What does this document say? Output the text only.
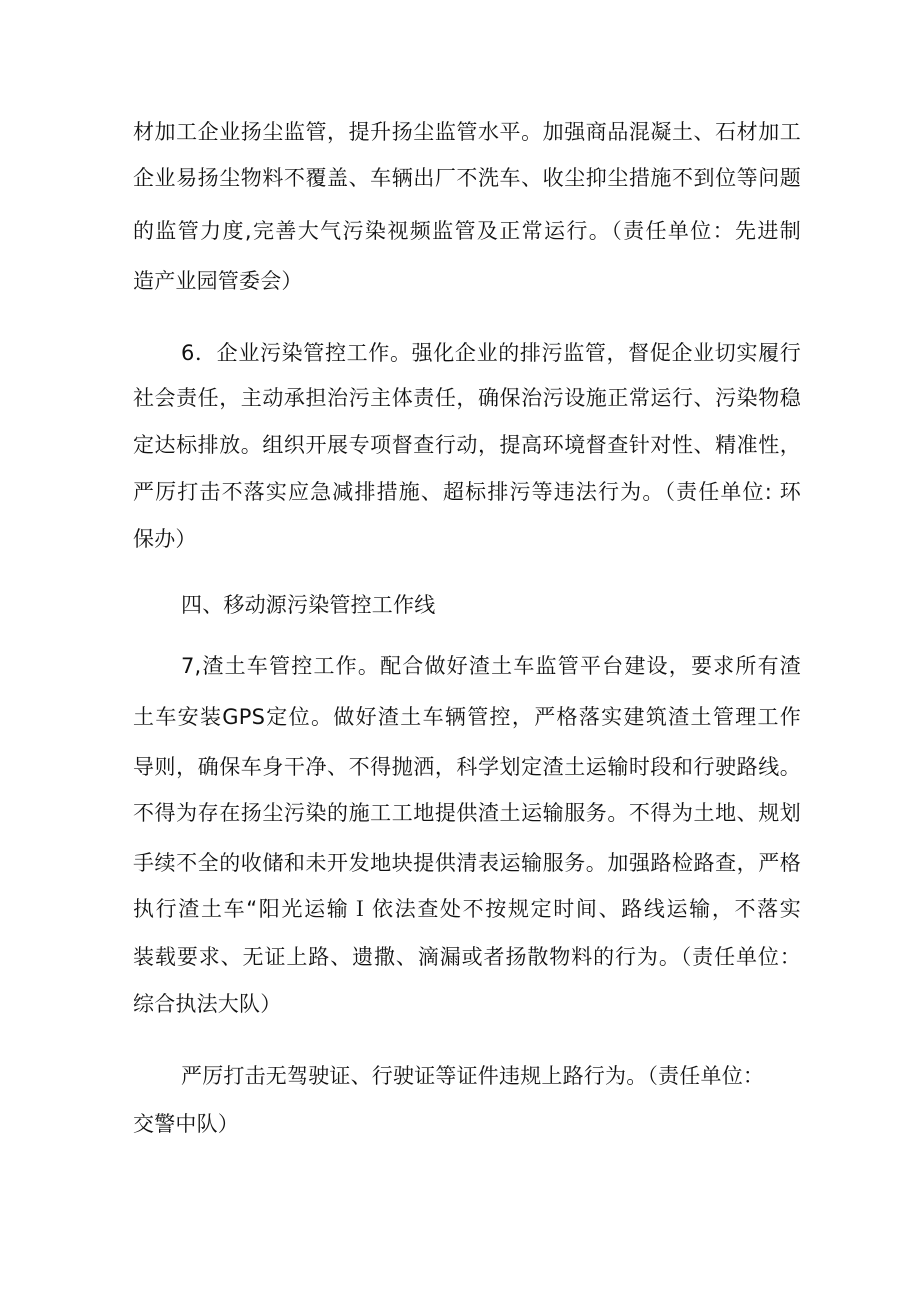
材加工企业扬尘监管，提升扬尘监管水平。加强商品混凝土、石材加工
企业易扬尘物料不覆盖、车辆出厂不洗车、收尘抑尘措施不到位等问题
的监管力度,完善大气污染视频监管及正常运行。（责任单位：先进制
造产业园管委会）
6．企业污染管控工作。强化企业的排污监管，督促企业切实履行
社会责任，主动承担治污主体责任，确保治污设施正常运行、污染物稳
定达标排放。组织开展专项督查行动，提高环境督查针对性、精准性，
严厉打击不落实应急减排措施、超标排污等违法行为。（责任单位: 环
保办）
四、移动源污染管控工作线
7,渣土车管控工作。配合做好渣土车监管平台建设，要求所有渣
土车安装GPS定位。做好渣土车辆管控，严格落实建筑渣土管理工作
导则，确保车身干净、不得抛洒，科学划定渣土运输时段和行驶路线。
不得为存在扬尘污染的施工工地提供渣土运输服务。不得为土地、规划
手续不全的收储和未开发地块提供清表运输服务。加强路检路查，严格
执行渣土车“阳光运输Ｉ依法查处不按规定时间、路线运输，不落实
装载要求、无证上路、遗撒、滴漏或者扬散物料的行为。（责任单位：
综合执法大队）
严厉打击无驾驶证、行驶证等证件违规上路行为。（责任单位：
交警中队）
